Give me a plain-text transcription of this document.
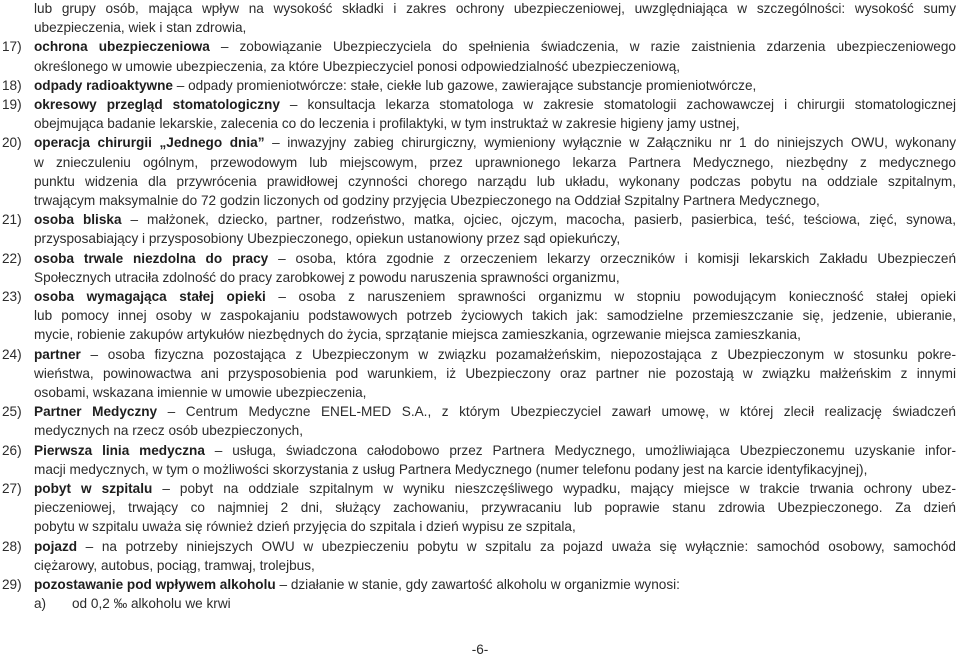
lub grupy osób, mająca wpływ na wysokość składki i zakres ochrony ubezpieczeniowej, uwzględniająca w szczególności: wysokość sumy
ubezpieczenia, wiek i stan zdrowia,
17) ochrona ubezpieczeniowa – zobowiązanie Ubezpieczyciela do spełnienia świadczenia, w razie zaistnienia zdarzenia ubezpieczeniowego
określonego w umowie ubezpieczenia, za które Ubezpieczyciel ponosi odpowiedzialność ubezpieczeniową,
18) odpady radioaktywne – odpady promieniotwórcze: stałe, ciekłe lub gazowe, zawierające substancje promieniotwórcze,
19) okresowy przegląd stomatologiczny – konsultacja lekarza stomatologa w zakresie stomatologii zachowawczej i chirurgii stomatologicznej
obejmująca badanie lekarskie, zalecenia co do leczenia i profilaktyki, w tym instruktaż w zakresie higieny jamy ustnej,
20) operacja chirurgii „Jednego dnia” – inwazyjny zabieg chirurgiczny, wymieniony wyłącznie w Załączniku nr 1 do niniejszych OWU, wykonany
w znieczuleniu ogólnym, przewodowym lub miejscowym, przez uprawnionego lekarza Partnera Medycznego, niezbędny z medycznego
punktu widzenia dla przywrócenia prawidłowej czynności chorego narządu lub układu, wykonany podczas pobytu na oddziale szpitalnym,
trwającym maksymalnie do 72 godzin liczonych od godziny przyjęcia Ubezpieczonego na Oddział Szpitalny Partnera Medycznego,
21) osoba bliska – małżonek, dziecko, partner, rodzeństwo, matka, ojciec, ojczym, macocha, pasierb, pasierbica, teść, teściowa, zięć, synowa,
przysposabiający i przysposobiony Ubezpieczonego, opiekun ustanowiony przez sąd opiekuńczy,
22) osoba trwale niezdolna do pracy – osoba, która zgodnie z orzeczeniem lekarzy orzeczników i komisji lekarskich Zakładu Ubezpieczeń
Społecznych utraciła zdolność do pracy zarobkowej z powodu naruszenia sprawności organizmu,
23) osoba wymagająca stałej opieki – osoba z naruszeniem sprawności organizmu w stopniu powodującym konieczność stałej opieki
lub pomocy innej osoby w zaspokajaniu podstawowych potrzeb życiowych takich jak: samodzielne przemieszczanie się, jedzenie, ubieranie,
mycie, robienie zakupów artykułów niezbędnych do życia, sprzątanie miejsca zamieszkania, ogrzewanie miejsca zamieszkania,
24) partner – osoba fizyczna pozostająca z Ubezpieczonym w związku pozamałżeńskim, niepozostająca z Ubezpieczonym w stosunku pokre-
wieństwa, powinowactwa ani przysposobienia pod warunkiem, iż Ubezpieczony oraz partner nie pozostają w związku małżeńskim z innymi
osobami, wskazana imiennie w umowie ubezpieczenia,
25) Partner Medyczny – Centrum Medyczne ENEL-MED S.A., z którym Ubezpieczyciel zawarł umowę, w której zlecił realizację świadczeń
medycznych na rzecz osób ubezpieczonych,
26) Pierwsza linia medyczna – usługa, świadczona całodobowo przez Partnera Medycznego, umożliwiająca Ubezpieczonemu uzyskanie infor-
macji medycznych, w tym o możliwości skorzystania z usług Partnera Medycznego (numer telefonu podany jest na karcie identyfikacyjnej),
27) pobyt w szpitalu – pobyt na oddziale szpitalnym w wyniku nieszczęśliwego wypadku, mający miejsce w trakcie trwania ochrony ubez-
pieczeniowej, trwający co najmniej 2 dni, służący zachowaniu, przywracaniu lub poprawie stanu zdrowia Ubezpieczonego. Za dzień
pobytu w szpitalu uważa się również dzień przyjęcia do szpitala i dzień wypisu ze szpitala,
28) pojazd – na potrzeby niniejszych OWU w ubezpieczeniu pobytu w szpitalu za pojazd uważa się wyłącznie: samochód osobowy, samochód
ciężarowy, autobus, pociąg, tramwaj, trolejbus,
29) pozostawanie pod wpływem alkoholu – działanie w stanie, gdy zawartość alkoholu w organizmie wynosi:
a) od 0,2 ‰ alkoholu we krwi
-6-
